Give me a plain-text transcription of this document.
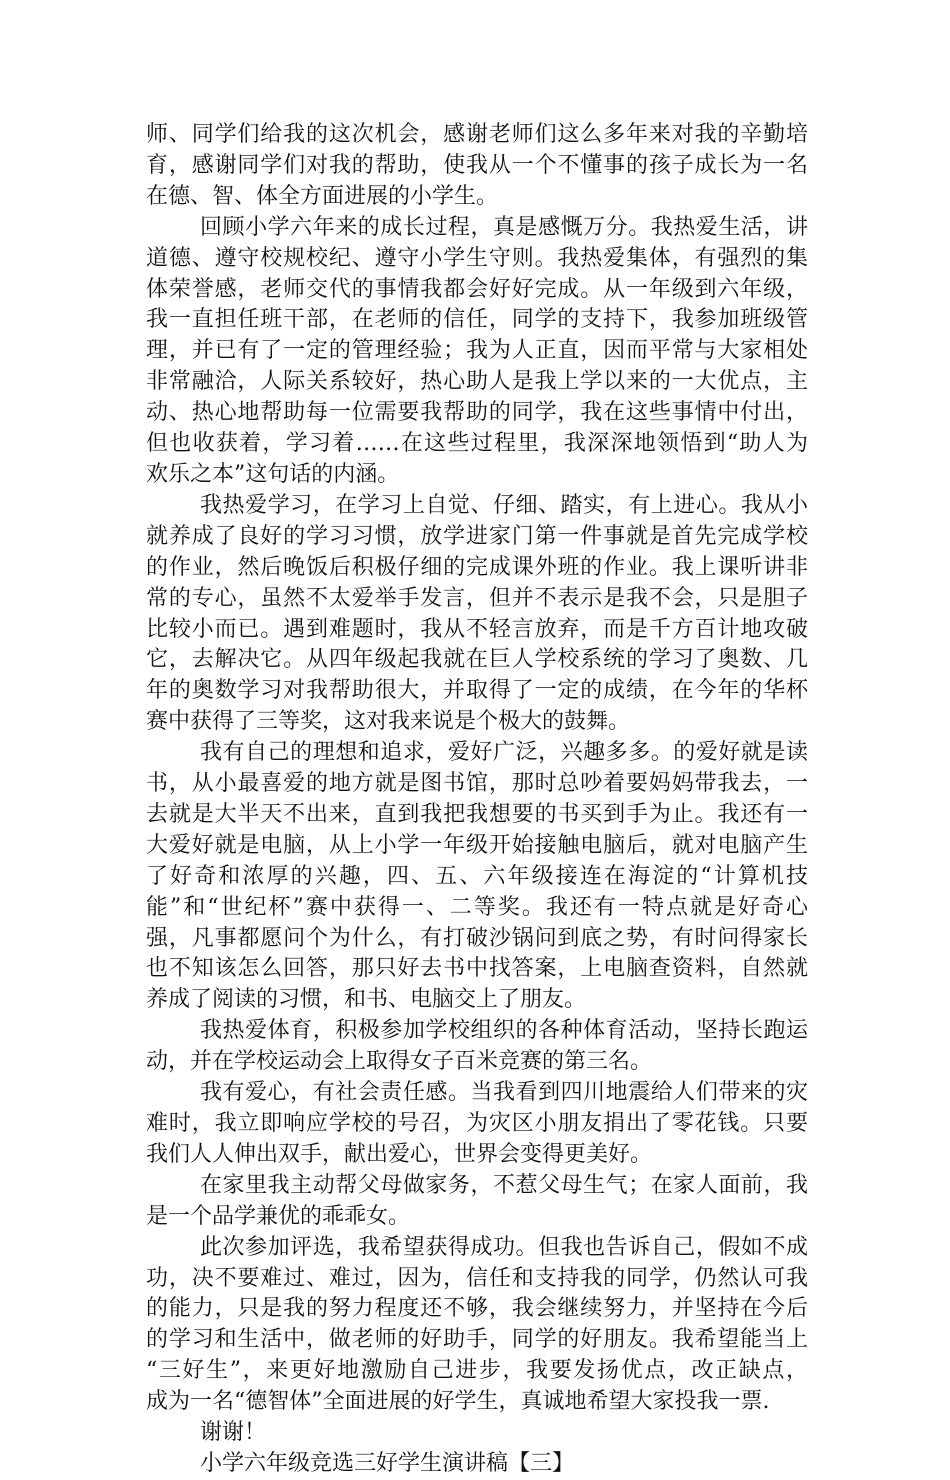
师、同学们给我的这次机会，感谢老师们这么多年来对我的辛勤培
育，感谢同学们对我的帮助，使我从一个不懂事的孩子成长为一名
在德、智、体全方面进展的小学生。
回顾小学六年来的成长过程，真是感慨万分。我热爱生活，讲
道德、遵守校规校纪、遵守小学生守则。我热爱集体，有强烈的集
体荣誉感，老师交代的事情我都会好好完成。从一年级到六年级，
我一直担任班干部，在老师的信任，同学的支持下，我参加班级管
理，并已有了一定的管理经验；我为人正直，因而平常与大家相处
非常融洽，人际关系较好，热心助人是我上学以来的一大优点，主
动、热心地帮助每一位需要我帮助的同学，我在这些事情中付出，
但也收获着，学习着……在这些过程里，我深深地领悟到“助人为
欢乐之本”这句话的内涵。
我热爱学习，在学习上自觉、仔细、踏实，有上进心。我从小
就养成了良好的学习习惯，放学进家门第一件事就是首先完成学校
的作业，然后晚饭后积极仔细的完成课外班的作业。我上课听讲非
常的专心，虽然不太爱举手发言，但并不表示是我不会，只是胆子
比较小而已。遇到难题时，我从不轻言放弃，而是千方百计地攻破
它，去解决它。从四年级起我就在巨人学校系统的学习了奥数、几
年的奥数学习对我帮助很大，并取得了一定的成绩，在今年的华杯
赛中获得了三等奖，这对我来说是个极大的鼓舞。
我有自己的理想和追求，爱好广泛，兴趣多多。的爱好就是读
书，从小最喜爱的地方就是图书馆，那时总吵着要妈妈带我去，一
去就是大半天不出来，直到我把我想要的书买到手为止。我还有一
大爱好就是电脑，从上小学一年级开始接触电脑后，就对电脑产生
了好奇和浓厚的兴趣，四、五、六年级接连在海淀的“计算机技
能”和“世纪杯”赛中获得一、二等奖。我还有一特点就是好奇心
强，凡事都愿问个为什么，有打破沙锅问到底之势，有时问得家长
也不知该怎么回答，那只好去书中找答案，上电脑查资料，自然就
养成了阅读的习惯，和书、电脑交上了朋友。
我热爱体育，积极参加学校组织的各种体育活动，坚持长跑运
动，并在学校运动会上取得女子百米竞赛的第三名。
我有爱心，有社会责任感。当我看到四川地震给人们带来的灾
难时，我立即响应学校的号召，为灾区小朋友捐出了零花钱。只要
我们人人伸出双手，献出爱心，世界会变得更美好。
在家里我主动帮父母做家务，不惹父母生气；在家人面前，我
是一个品学兼优的乖乖女。
此次参加评选，我希望获得成功。但我也告诉自己，假如不成
功，决不要难过、难过，因为，信任和支持我的同学，仍然认可我
的能力，只是我的努力程度还不够，我会继续努力，并坚持在今后
的学习和生活中，做老师的好助手，同学的好朋友。我希望能当上
“三好生”，来更好地激励自己进步，我要发扬优点，改正缺点，
成为一名“德智体”全面进展的好学生，真诚地希望大家投我一票.
谢谢！
小学六年级竞选三好学生演讲稿【三】
